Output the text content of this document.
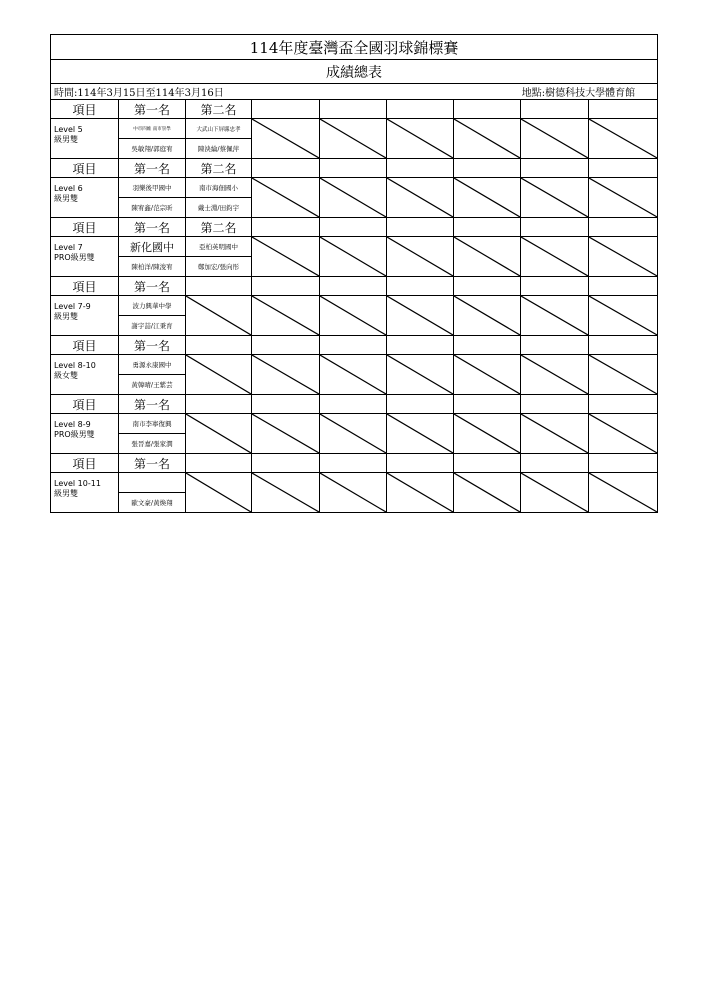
114年度臺灣盃全國羽球錦標賽								
成績總表								

時間:114年3月15日至114年3月16日 地點:樹德科技大學體育館								

項目	第一名	第二名						
Level 5
級男雙	中市四維 南市崇學	大武山下屏縣忠孝	

	吳敏翔/郭庭宥	陳泱綸/蔡佩萍						
項目	第一名	第二名						
Level 6
級男雙	羽樂後甲國中	南市海佃國小	

	陳宥鑫/范宗昕	戴士淵/田鈞宇						
項目	第一名	第二名						
Level 7
PRO級男雙	新化國中	亞柏英明國中	

	陳柏洋/陳浚宥	鄭加宏/張向彤						
項目	第一名							
Level 7-9
級男雙	波力興華中學	

	謝宇喆/江秉育							
項目	第一名							
Level 8-10
級女雙	勇源永康國中	

	黃韓晴/王紫芸							
項目	第一名							
Level 8-9
PRO級男雙	南市李寧復興	

	張晉嘉/張家潤							
項目	第一名							
Level 10-11
級男雙		

	歐文豪/黃煥翔							
